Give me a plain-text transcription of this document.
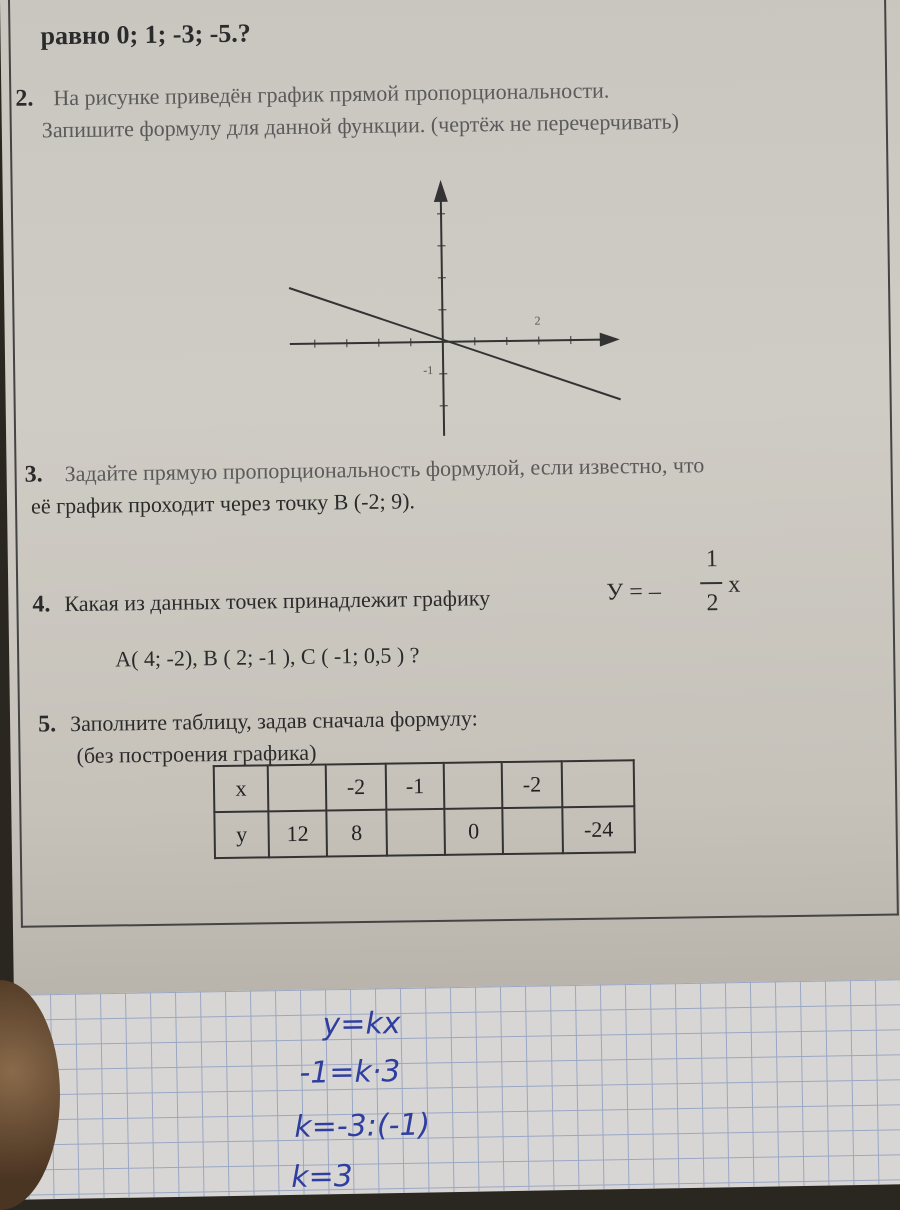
равно 0; 1; -3; -5.?
2. На рисунке приведён график прямой пропорциональности.
Запишите формулу для данной функции. (чертёж не перечерчивать)
2
-1
3. Задайте прямую пропорциональность формулой, если известно, что
её график проходит через точку В (-2; 9).
4. Какая из данных точек принадлежит графику	У = –
1
2
х
А( 4; -2), В ( 2; -1 ), С ( -1; 0,5 ) ?
5. Заполните таблицу, задав сначала формулу:
(без построения графика)
х		-2	-1		-2	
у	12	8		0		-24
y=kx
-1=k·3
k=-3:(-1)
k=3
